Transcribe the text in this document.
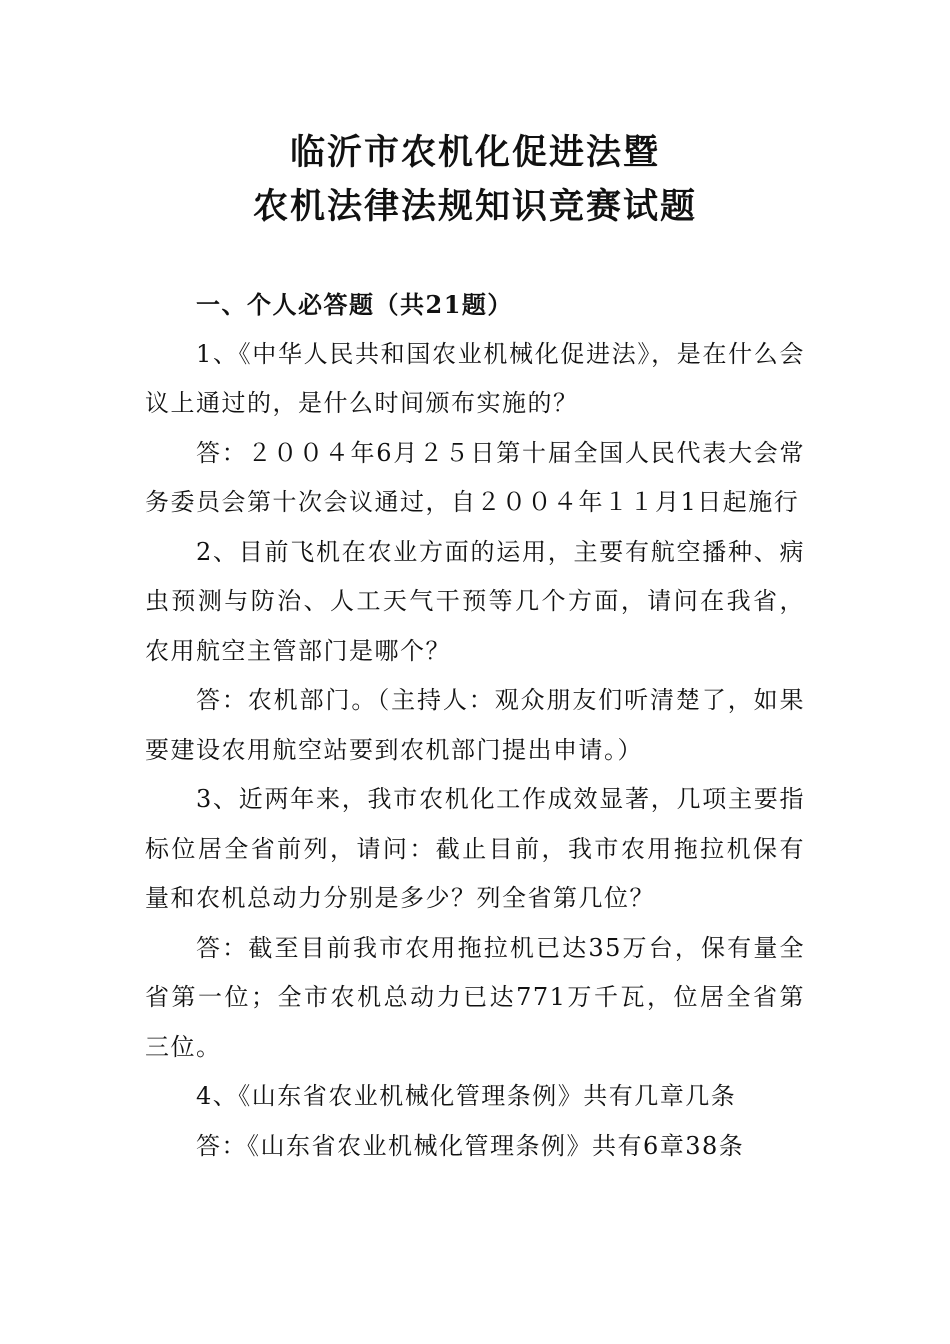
临沂市农机化促进法暨
农机法律法规知识竞赛试题

一、个人必答题（共21题）

1、《中华人民共和国农业机械化促进法》，是在什么会议上通过的，是什么时间颁布实施的？

答：２００４年6月２５日第十届全国人民代表大会常务委员会第十次会议通过，自２００４年１１月1日起施行

2、目前飞机在农业方面的运用，主要有航空播种、病虫预测与防治、人工天气干预等几个方面，请问在我省，农用航空主管部门是哪个？

答：农机部门。（主持人：观众朋友们听清楚了，如果要建设农用航空站要到农机部门提出申请。）

3、近两年来，我市农机化工作成效显著，几项主要指标位居全省前列，请问：截止目前，我市农用拖拉机保有量和农机总动力分别是多少？列全省第几位？

答：截至目前我市农用拖拉机已达35万台，保有量全省第一位；全市农机总动力已达771万千瓦，位居全省第三位。

4、《山东省农业机械化管理条例》共有几章几条

答：《山东省农业机械化管理条例》共有6章38条
